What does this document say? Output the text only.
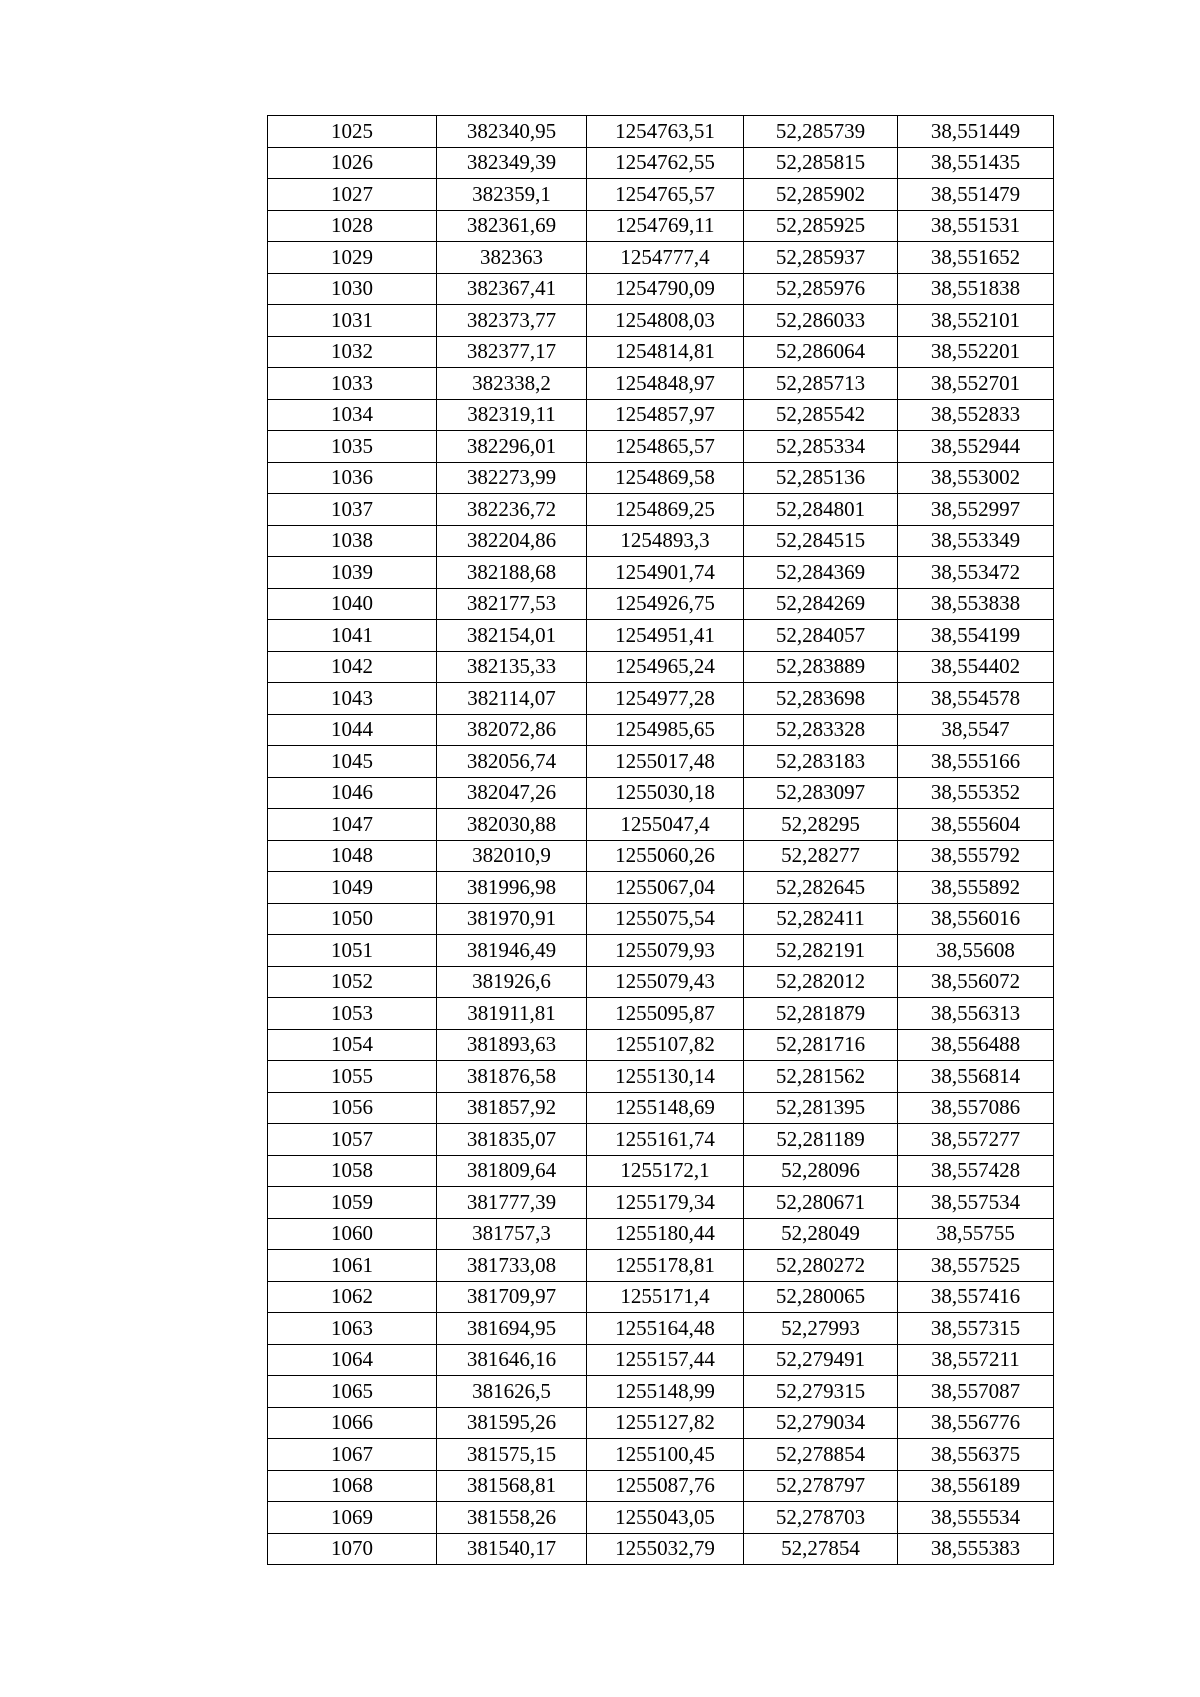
1025	382340,95	1254763,51	52,285739	38,551449
1026	382349,39	1254762,55	52,285815	38,551435
1027	382359,1	1254765,57	52,285902	38,551479
1028	382361,69	1254769,11	52,285925	38,551531
1029	382363	1254777,4	52,285937	38,551652
1030	382367,41	1254790,09	52,285976	38,551838
1031	382373,77	1254808,03	52,286033	38,552101
1032	382377,17	1254814,81	52,286064	38,552201
1033	382338,2	1254848,97	52,285713	38,552701
1034	382319,11	1254857,97	52,285542	38,552833
1035	382296,01	1254865,57	52,285334	38,552944
1036	382273,99	1254869,58	52,285136	38,553002
1037	382236,72	1254869,25	52,284801	38,552997
1038	382204,86	1254893,3	52,284515	38,553349
1039	382188,68	1254901,74	52,284369	38,553472
1040	382177,53	1254926,75	52,284269	38,553838
1041	382154,01	1254951,41	52,284057	38,554199
1042	382135,33	1254965,24	52,283889	38,554402
1043	382114,07	1254977,28	52,283698	38,554578
1044	382072,86	1254985,65	52,283328	38,5547
1045	382056,74	1255017,48	52,283183	38,555166
1046	382047,26	1255030,18	52,283097	38,555352
1047	382030,88	1255047,4	52,28295	38,555604
1048	382010,9	1255060,26	52,28277	38,555792
1049	381996,98	1255067,04	52,282645	38,555892
1050	381970,91	1255075,54	52,282411	38,556016
1051	381946,49	1255079,93	52,282191	38,55608
1052	381926,6	1255079,43	52,282012	38,556072
1053	381911,81	1255095,87	52,281879	38,556313
1054	381893,63	1255107,82	52,281716	38,556488
1055	381876,58	1255130,14	52,281562	38,556814
1056	381857,92	1255148,69	52,281395	38,557086
1057	381835,07	1255161,74	52,281189	38,557277
1058	381809,64	1255172,1	52,28096	38,557428
1059	381777,39	1255179,34	52,280671	38,557534
1060	381757,3	1255180,44	52,28049	38,55755
1061	381733,08	1255178,81	52,280272	38,557525
1062	381709,97	1255171,4	52,280065	38,557416
1063	381694,95	1255164,48	52,27993	38,557315
1064	381646,16	1255157,44	52,279491	38,557211
1065	381626,5	1255148,99	52,279315	38,557087
1066	381595,26	1255127,82	52,279034	38,556776
1067	381575,15	1255100,45	52,278854	38,556375
1068	381568,81	1255087,76	52,278797	38,556189
1069	381558,26	1255043,05	52,278703	38,555534
1070	381540,17	1255032,79	52,27854	38,555383
